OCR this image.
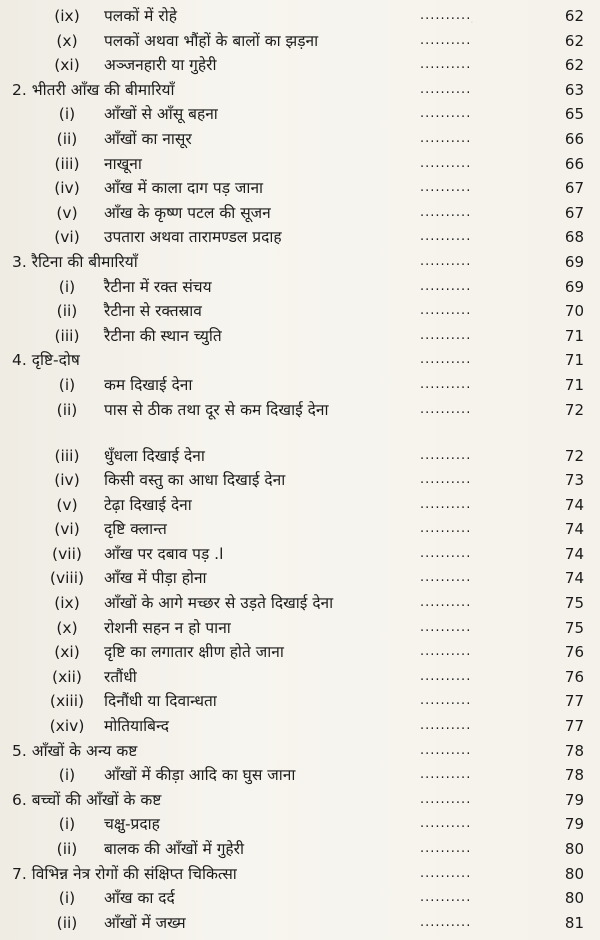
.
(ix)	पलकों में रोहे	..........	62
(x)	पलकों अथवा भौंहों के बालों का झड़ना	..........	62
(xi)	अञ्जनहारी या गुहेरी	..........	62
2. भीतरी आँख की बीमारियाँ	..........	63
(i)	आँखों से आँसू बहना	..........	65
(ii)	आँखों का नासूर	..........	66
(iii)	नाखूना	..........	66
(iv)	आँख में काला दाग पड़ जाना	..........	67
(v)	आँख के कृष्ण पटल की सूजन	..........	67
(vi)	उपतारा अथवा तारामण्डल प्रदाह	..........	68
3. रैटिना की बीमारियाँ	..........	69
(i)	रैटीना में रक्त संचय	..........	69
(ii)	रैटीना से रक्तस्राव	..........	70
(iii)	रैटीना की स्थान च्युति	..........	71
4. दृष्टि-दोष	..........	71
(i)	कम दिखाई देना	..........	71
(ii)	पास से ठीक तथा दूर से कम दिखाई देना	..........	72
(iii)	धुँधला दिखाई देना	..........	72
(iv)	किसी वस्तु का आधा दिखाई देना	..........	73
(v)	टेढ़ा दिखाई देना	..........	74
(vi)	दृष्टि क्लान्त	..........	74
(vii)	आँख पर दबाव पड़ .l	..........	74
(viii)	आँख में पीड़ा होना	..........	74
(ix)	आँखों के आगे मच्छर से उड़ते दिखाई देना	..........	75
(x)	रोशनी सहन न हो पाना	..........	75
(xi)	दृष्टि का लगातार क्षीण होते जाना	..........	76
(xii)	रतौंधी	..........	76
(xiii)	दिनौंधी या दिवान्धता	..........	77
(xiv)	मोतियाबिन्द	..........	77
5. आँखों के अन्य कष्ट	..........	78
(i)	आँखों में कीड़ा आदि का घुस जाना	..........	78
6. बच्चों की आँखों के कष्ट	..........	79
(i)	चक्षु-प्रदाह	..........	79
(ii)	बालक की आँखों में गुहेरी	..........	80
7. विभिन्न नेत्र रोगों की संक्षिप्त चिकित्सा	..........	80
(i)	आँख का दर्द	..........	80
(ii)	आँखों में जख्म	..........	81
